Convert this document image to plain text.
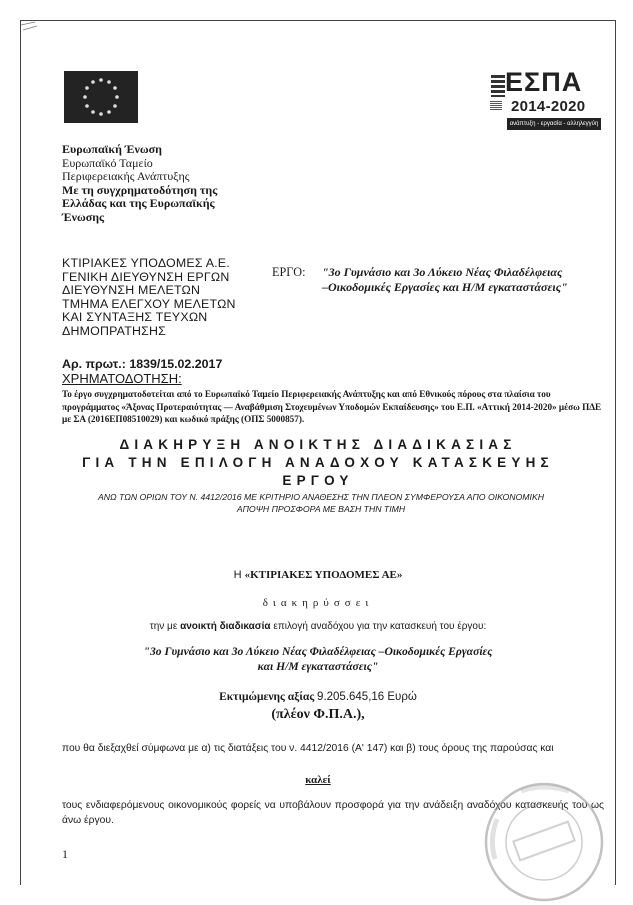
ΕΣΠΑ
2014-2020
ανάπτυξη - εργασία - αλληλεγγύη
Ευρωπαϊκή Ένωση
Ευρωπαϊκό Ταμείο
Περιφερειακής Ανάπτυξης
Με τη συγχρηματοδότηση της
Ελλάδας και της Ευρωπαϊκής
Ένωσης
ΚΤΙΡΙΑΚΕΣ ΥΠΟΔΟΜΕΣ Α.Ε.
ΓΕΝΙΚΗ ΔΙΕΥΘΥΝΣΗ ΕΡΓΩΝ
ΔΙΕΥΘΥΝΣΗ ΜΕΛΕΤΩΝ
ΤΜΗΜΑ ΕΛΕΓΧΟΥ ΜΕΛΕΤΩΝ
ΚΑΙ ΣΥΝΤΑΞΗΣ ΤΕΥΧΩΝ
ΔΗΜΟΠΡΑΤΗΣΗΣ
ΕΡΓΟ: "3ο Γυμνάσιο και 3ο Λύκειο Νέας Φιλαδέλφειας
–Οικοδομικές Εργασίες και Η/Μ εγκαταστάσεις"
Αρ. πρωτ.: 1839/15.02.2017
ΧΡΗΜΑΤΟΔΟΤΗΣΗ:
Το έργο συγχρηματοδοτείται από το Ευρωπαϊκό Ταμείο Περιφερειακής Ανάπτυξης και από Εθνικούς πόρους στα πλαίσια του προγράμματος «Άξονας Προτεραιότητας — Αναβάθμιση Στοχευμένων Υποδομών Εκπαίδευσης» του Ε.Π. «Αττική 2014-2020» μέσω ΠΔΕ με ΣΑ (2016ΕΠ08510029) και κωδικό πράξης (ΟΠΣ 5000857).
ΔΙΑΚΗΡΥΞΗ ΑΝΟΙΚΤΗΣ ΔΙΑΔΙΚΑΣΙΑΣ
ΓΙΑ ΤΗΝ ΕΠΙΛΟΓΗ ΑΝΑΔΟΧΟΥ ΚΑΤΑΣΚΕΥΗΣ
ΕΡΓΟΥ
ΑΝΩ ΤΩΝ ΟΡΙΩΝ ΤΟΥ Ν. 4412/2016 ΜΕ ΚΡΙΤΗΡΙΟ ΑΝΑΘΕΣΗΣ ΤΗΝ ΠΛΕΟΝ ΣΥΜΦΕΡΟΥΣΑ ΑΠΟ ΟΙΚΟΝΟΜΙΚΗ
ΑΠΟΨΗ ΠΡΟΣΦΟΡΑ ΜΕ ΒΑΣΗ ΤΗΝ ΤΙΜΗ
Η «ΚΤΙΡΙΑΚΕΣ ΥΠΟΔΟΜΕΣ ΑΕ»
διακηρύσσει
την με ανοικτή διαδικασία επιλογή αναδόχου για την κατασκευή του έργου:
"3ο Γυμνάσιο και 3ο Λύκειο Νέας Φιλαδέλφειας –Οικοδομικές Εργασίες
και Η/Μ εγκαταστάσεις"
Εκτιμώμενης αξίας 9.205.645,16 Ευρώ
(πλέον Φ.Π.Α.),
που θα διεξαχθεί σύμφωνα με α) τις διατάξεις του ν. 4412/2016 (Α' 147) και β) τους όρους της παρούσας και
καλεί
τους ενδιαφερόμενους οικονομικούς φορείς να υποβάλουν προσφορά για την ανάδειξη αναδόχου κατασκευής του ως άνω έργου.
1
